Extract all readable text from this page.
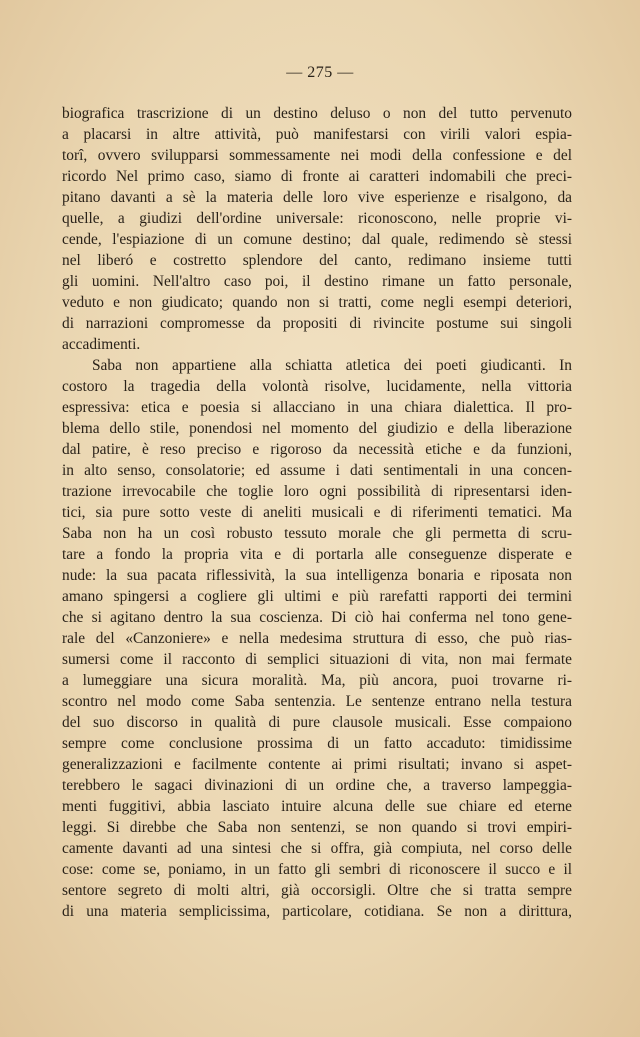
— 275 —
biografica trascrizione di un destino deluso o non del tutto pervenuto
a placarsi in altre attività, può manifestarsi con virili valori espia-
torî, ovvero svilupparsi sommessamente nei modi della confessione e del
ricordo Nel primo caso, siamo di fronte ai caratteri indomabili che preci-
pitano davanti a sè la materia delle loro vive esperienze e risalgono, da
quelle, a giudizi dell'ordine universale: riconoscono, nelle proprie vi-
cende, l'espiazione di un comune destino; dal quale, redimendo sè stessi
nel liberó e costretto splendore del canto, redimano insieme tutti
gli uomini. Nell'altro caso poi, il destino rimane un fatto personale,
veduto e non giudicato; quando non si tratti, come negli esempi deteriori,
di narrazioni compromesse da propositi di rivincite postume sui singoli
accadimenti.
Saba non appartiene alla schiatta atletica dei poeti giudicanti. In
costoro la tragedia della volontà risolve, lucidamente, nella vittoria
espressiva: etica e poesia si allacciano in una chiara dialettica. Il pro-
blema dello stile, ponendosi nel momento del giudizio e della liberazione
dal patire, è reso preciso e rigoroso da necessità etiche e da funzioni,
in alto senso, consolatorie; ed assume i dati sentimentali in una concen-
trazione irrevocabile che toglie loro ogni possibilità di ripresentarsi iden-
tici, sia pure sotto veste di aneliti musicali e di riferimenti tematici. Ma
Saba non ha un così robusto tessuto morale che gli permetta di scru-
tare a fondo la propria vita e di portarla alle conseguenze disperate e
nude: la sua pacata riflessività, la sua intelligenza bonaria e riposata non
amano spingersi a cogliere gli ultimi e più rarefatti rapporti dei termini
che si agitano dentro la sua coscienza. Di ciò hai conferma nel tono gene-
rale del «Canzoniere» e nella medesima struttura di esso, che può rias-
sumersi come il racconto di semplici situazioni di vita, non mai fermate
a lumeggiare una sicura moralità. Ma, più ancora, puoi trovarne ri-
scontro nel modo come Saba sentenzia. Le sentenze entrano nella testura
del suo discorso in qualità di pure clausole musicali. Esse compaiono
sempre come conclusione prossima di un fatto accaduto: timidissime
generalizzazioni e facilmente contente ai primi risultati; invano si aspet-
terebbero le sagaci divinazioni di un ordine che, a traverso lampeggia-
menti fuggitivi, abbia lasciato intuire alcuna delle sue chiare ed eterne
leggi. Si direbbe che Saba non sentenzi, se non quando si trovi empiri-
camente davanti ad una sintesi che si offra, già compiuta, nel corso delle
cose: come se, poniamo, in un fatto gli sembri di riconoscere il succo e il
sentore segreto di molti altri, già occorsigli. Oltre che si tratta sempre
di una materia semplicissima, particolare, cotidiana. Se non a dirittura,
